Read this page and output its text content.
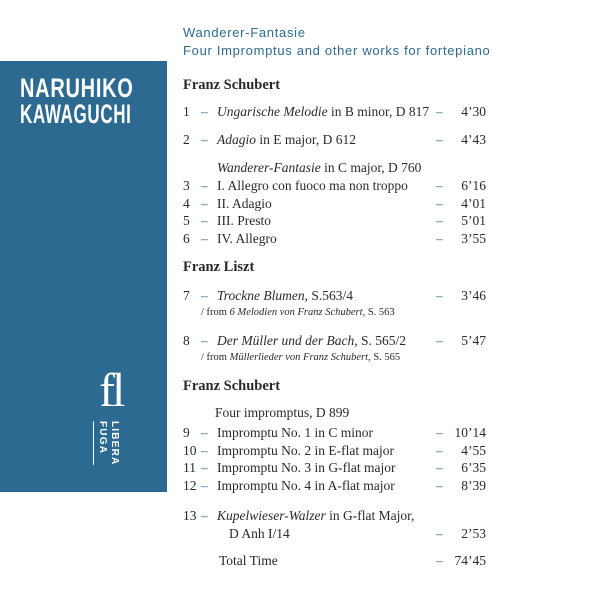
Wanderer-Fantasie
Four Impromptus and other works for fortepiano
NARUHIKO
KAWAGUCHI
fl
FUGA LIBERA
Franz Schubert
1 – Ungarische Melodie in B minor, D 817 – 4’30
2 – Adagio in E major, D 612	– 4’43
Wanderer-Fantasie in C major, D 760
3 – I. Allegro con fuoco ma non troppo – 6’16
4 – II. Adagio	– 4’01
5 – III. Presto	– 5’01
6 – IV. Allegro	– 3’55
Franz Liszt
7 – Trockne Blumen, S.563/4	– 3’46
/ from 6 Melodien von Franz Schubert, S. 563
8 – Der Müller und der Bach, S. 565/2 – 5’47
/ from Müllerlieder von Franz Schubert, S. 565
Franz Schubert
Four impromptus, D 899
9 – Impromptu No. 1 in C minor	– 10’14
10 – Impromptu No. 2 in E-flat major	– 4’55
11 – Impromptu No. 3 in G-flat major	– 6’35
12 – Impromptu No. 4 in A-flat major	– 8’39
13 – Kupelwieser-Walzer in G-flat Major,
D Anh I/14	– 2’53
Total Time	– 74’45
